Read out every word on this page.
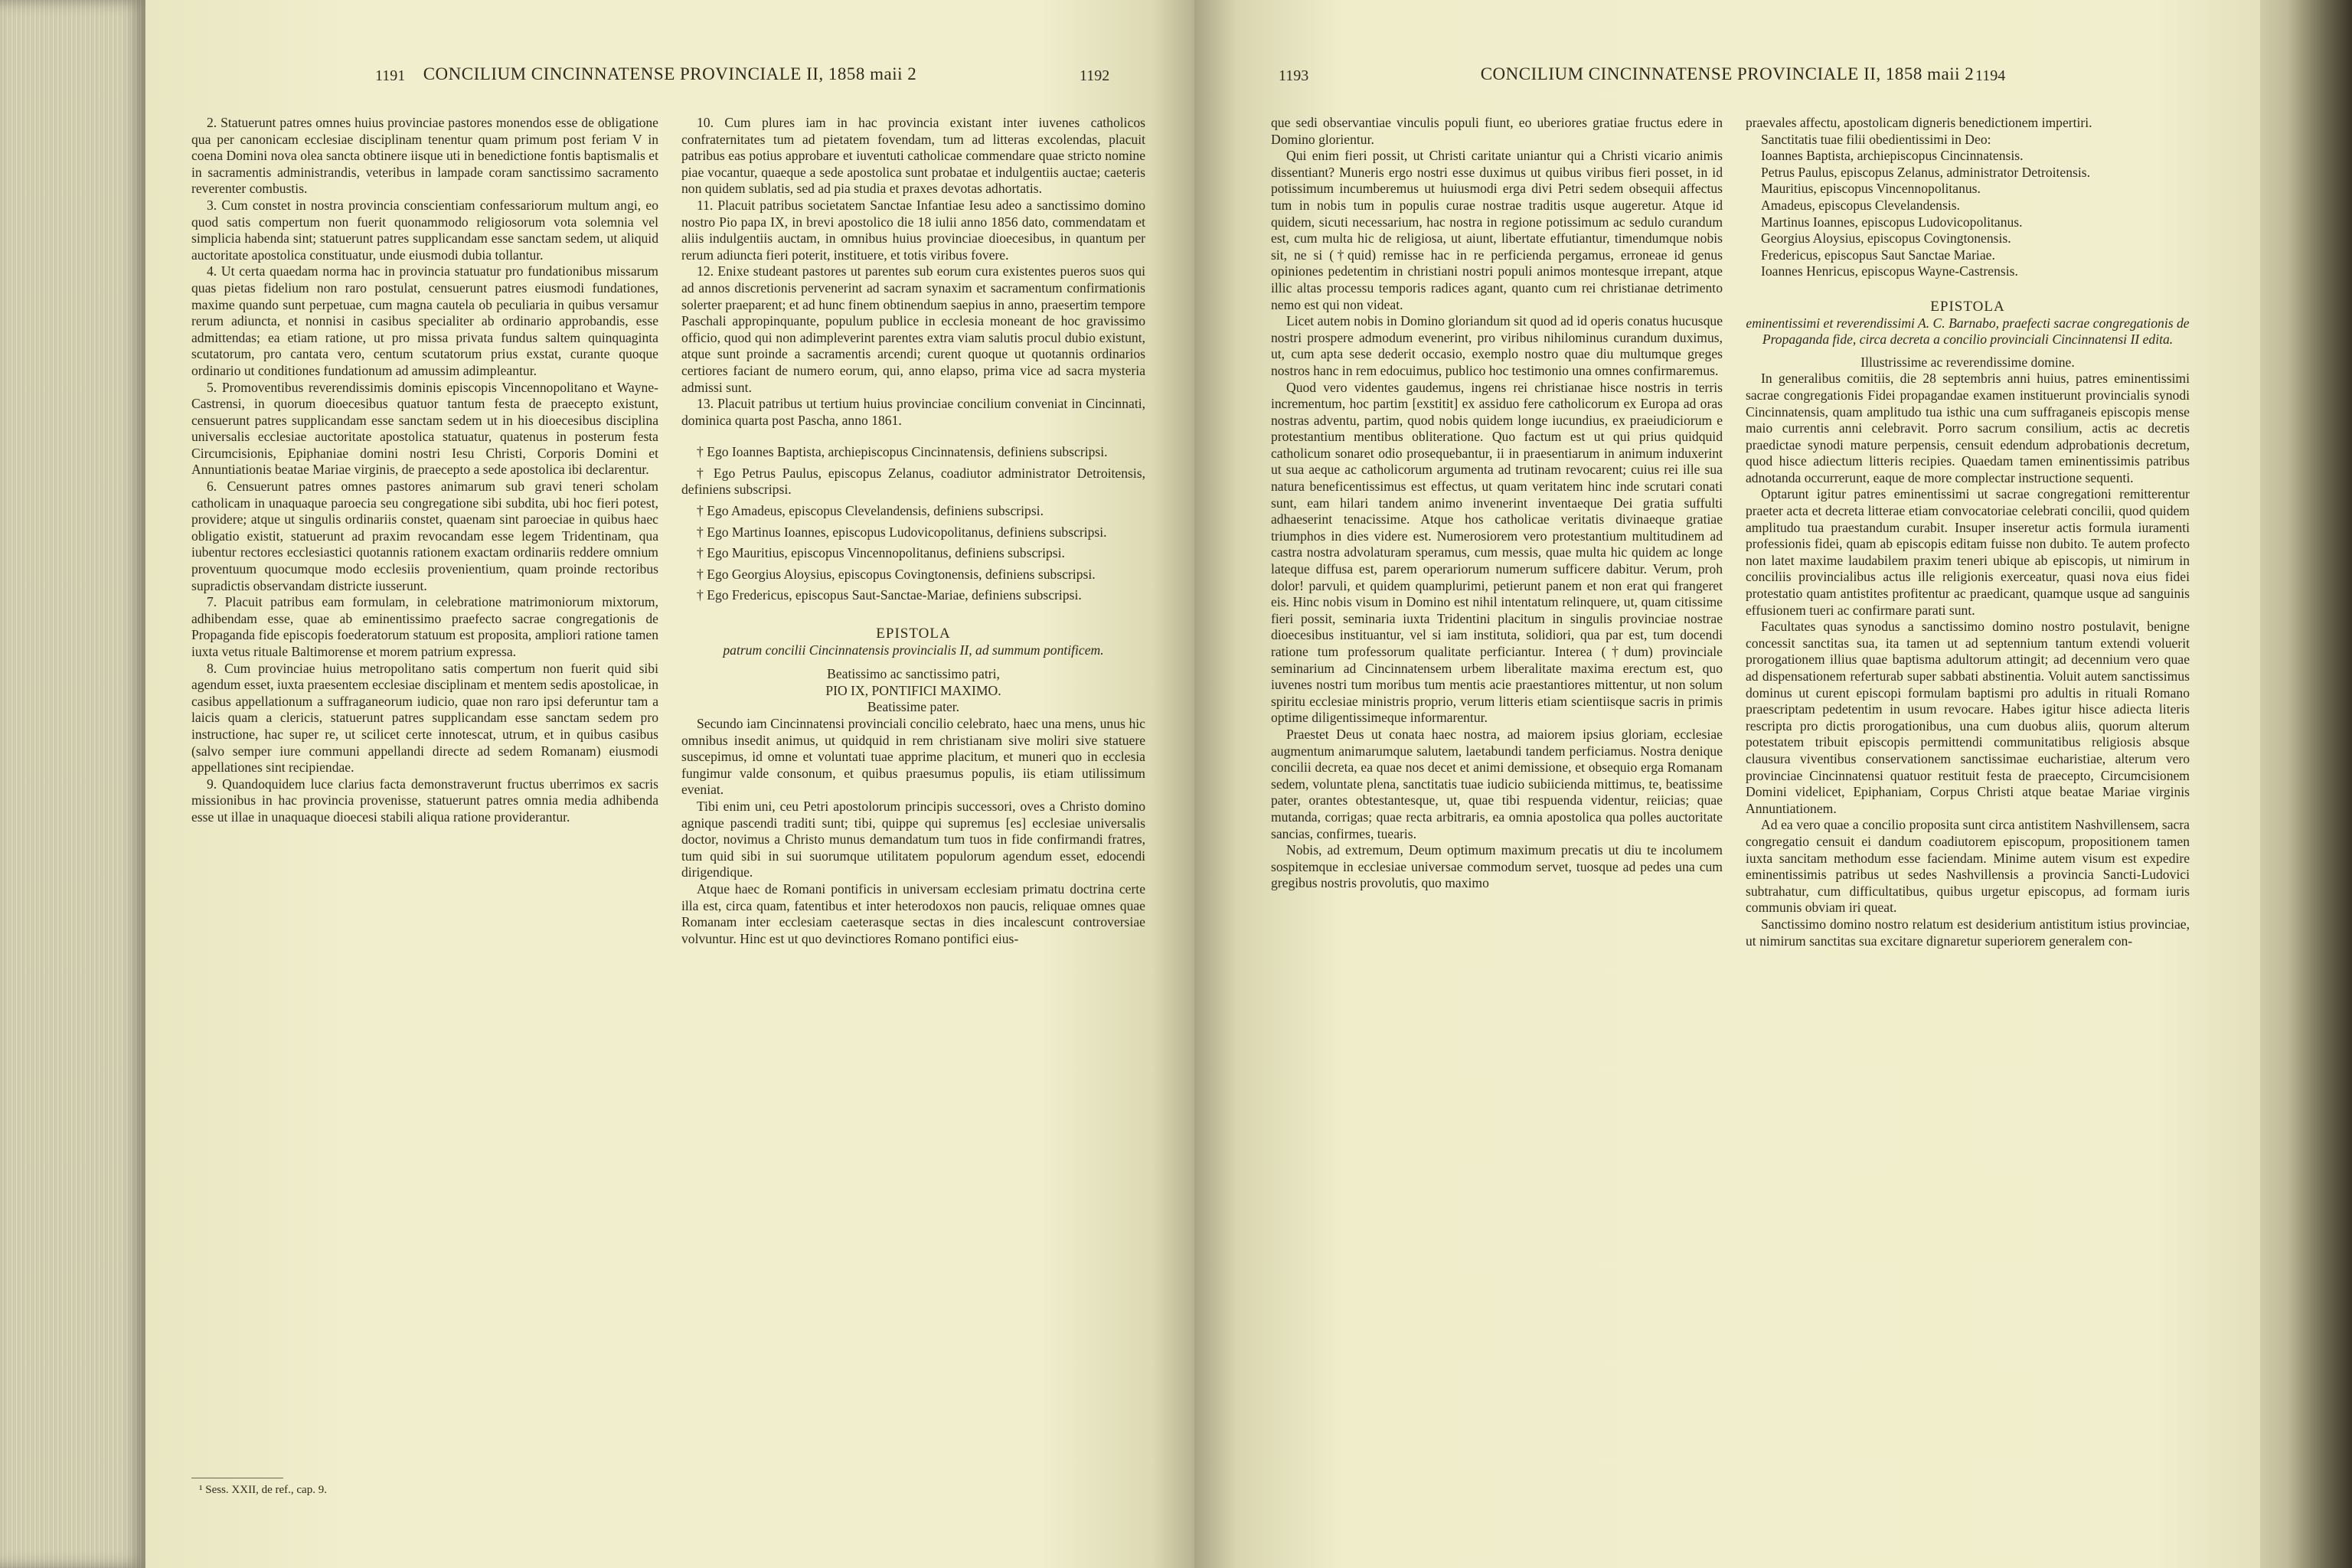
1191	CONCILIUM CINCINNATENSE PROVINCIALE II, 1858 maii 2	1192

2. Statuerunt patres omnes huius provinciae pastores monendos esse de obligatione qua per canonicam ecclesiae disciplinam tenentur quam primum post feriam V in coena Domini nova olea sancta obtinere iisque uti in benedictione fontis baptismalis et in sacramentis administrandis, veteribus in lampade coram sanctissimo sacramento reverenter combustis.

3. Cum constet in nostra provincia conscientiam confessariorum multum angi, eo quod satis compertum non fuerit quonammodo religiosorum vota solemnia vel simplicia habenda sint; statuerunt patres supplicandam esse sanctam sedem, ut aliquid auctoritate apostolica constituatur, unde eiusmodi dubia tollantur.

4. Ut certa quaedam norma hac in provincia statuatur pro fundationibus missarum quas pietas fidelium non raro postulat, censuerunt patres eiusmodi fundationes, maxime quando sunt perpetuae, cum magna cautela ob peculiaria in quibus versamur rerum adiuncta, et nonnisi in casibus specialiter ab ordinario approbandis, esse admittendas; ea etiam ratione, ut pro missa privata fundus saltem quinquaginta scutatorum, pro cantata vero, centum scutatorum prius exstat, curante quoque ordinario ut conditiones fundationum ad amussim adimpleantur.

5. Promoventibus reverendissimis dominis episcopis Vincennopolitano et Wayne-Castrensi, in quorum dioecesibus quatuor tantum festa de praecepto existunt, censuerunt patres supplicandam esse sanctam sedem ut in his dioecesibus disciplina universalis ecclesiae auctoritate apostolica statuatur, quatenus in posterum festa Circumcisionis, Epiphaniae domini nostri Iesu Christi, Corporis Domini et Annuntiationis beatae Mariae virginis, de praecepto a sede apostolica ibi declarentur.

6. Censuerunt patres omnes pastores animarum sub gravi teneri scholam catholicam in unaquaque paroecia seu congregatione sibi subdita, ubi hoc fieri potest, providere; atque ut singulis ordinariis constet, quaenam sint paroeciae in quibus haec obligatio existit, statuerunt ad praxim revocandam esse legem Tridentinam, qua iubentur rectores ecclesiastici quotannis rationem exactam ordinariis reddere omnium proventuum quocumque modo ecclesiis provenientium, quam proinde rectoribus supradictis observandam districte iusserunt.

7. Placuit patribus eam formulam, in celebratione matrimoniorum mixtorum, adhibendam esse, quae ab eminentissimo praefecto sacrae congregationis de Propaganda fide episcopis foederatorum statuum est proposita, ampliori ratione tamen iuxta vetus rituale Baltimorense et morem patrium expressa.

8. Cum provinciae huius metropolitano satis compertum non fuerit quid sibi agendum esset, iuxta praesentem ecclesiae disciplinam et mentem sedis apostolicae, in casibus appellationum a suffraganeorum iudicio, quae non raro ipsi deferuntur tam a laicis quam a clericis, statuerunt patres supplicandam esse sanctam sedem pro instructione, hac super re, ut scilicet certe innotescat, utrum, et in quibus casibus (salvo semper iure communi appellandi directe ad sedem Romanam) eiusmodi appellationes sint recipiendae.

9. Quandoquidem luce clarius facta demonstraverunt fructus uberrimos ex sacris missionibus in hac provincia provenisse, statuerunt patres omnia media adhibenda esse ut illae in unaquaque dioecesi stabili aliqua ratione providerantur.

¹ Sess. XXII, de ref., cap. 9.

10. Cum plures iam in hac provincia existant inter iuvenes catholicos confraternitates tum ad pietatem fovendam, tum ad litteras excolendas, placuit patribus eas potius approbare et iuventuti catholicae commendare quae stricto nomine piae vocantur, quaeque a sede apostolica sunt probatae et indulgentiis auctae; caeteris non quidem sublatis, sed ad pia studia et praxes devotas adhortatis.

11. Placuit patribus societatem Sanctae Infantiae Iesu adeo a sanctissimo domino nostro Pio papa IX, in brevi apostolico die 18 iulii anno 1856 dato, commendatam et aliis indulgentiis auctam, in omnibus huius provinciae dioecesibus, in quantum per rerum adiuncta fieri poterit, instituere, et totis viribus fovere.

12. Enixe studeant pastores ut parentes sub eorum cura existentes pueros suos qui ad annos discretionis pervenerint ad sacram synaxim et sacramentum confirmationis solerter praeparent; et ad hunc finem obtinendum saepius in anno, praesertim tempore Paschali appropinquante, populum publice in ecclesia moneant de hoc gravissimo officio, quod qui non adimpleverint parentes extra viam salutis procul dubio existunt, atque sunt proinde a sacramentis arcendi; curent quoque ut quotannis ordinarios certiores faciant de numero eorum, qui, anno elapso, prima vice ad sacra mysteria admissi sunt.

13. Placuit patribus ut tertium huius provinciae concilium conveniat in Cincinnati, dominica quarta post Pascha, anno 1861.

† Ego Ioannes Baptista, archiepiscopus Cincinnatensis, definiens subscripsi.

† Ego Petrus Paulus, episcopus Zelanus, coadiutor administrator Detroitensis, definiens subscripsi.

† Ego Amadeus, episcopus Clevelandensis, definiens subscripsi.

† Ego Martinus Ioannes, episcopus Ludovicopolitanus, definiens subscripsi.

† Ego Mauritius, episcopus Vincennopolitanus, definiens subscripsi.

† Ego Georgius Aloysius, episcopus Covingtonensis, definiens subscripsi.

† Ego Fredericus, episcopus Saut-Sanctae-Mariae, definiens subscripsi.

EPISTOLA

patrum concilii Cincinnatensis provincialis II, ad summum pontificem.

Beatissimo ac sanctissimo patri,

PIO IX, PONTIFICI MAXIMO.

Beatissime pater.

Secundo iam Cincinnatensi provinciali concilio celebrato, haec una mens, unus hic omnibus insedit animus, ut quidquid in rem christianam sive moliri sive statuere suscepimus, id omne et voluntati tuae apprime placitum, et muneri quo in ecclesia fungimur valde consonum, et quibus praesumus populis, iis etiam utilissimum eveniat.

Tibi enim uni, ceu Petri apostolorum principis successori, oves a Christo domino agnique pascendi traditi sunt; tibi, quippe qui supremus [es] ecclesiae universalis doctor, novimus a Christo munus demandatum tum tuos in fide confirmandi fratres, tum quid sibi in sui suorumque utilitatem populorum agendum esset, edocendi dirigendique.

Atque haec de Romani pontificis in universam ecclesiam primatu doctrina certe illa est, circa quam, fatentibus et inter heterodoxos non paucis, reliquae omnes quae Romanam inter ecclesiam caeterasque sectas in dies incalescunt controversiae volvuntur. Hinc est ut quo devinctiores Romano pontifici eius-

1193	CONCILIUM CINCINNATENSE PROVINCIALE II, 1858 maii 2 1194

que sedi observantiae vinculis populi fiunt, eo uberiores gratiae fructus edere in Domino glorientur.

Qui enim fieri possit, ut Christi caritate uniantur qui a Christi vicario animis dissentiant? Muneris ergo nostri esse duximus ut quibus viribus fieri posset, in id potissimum incumberemus ut huiusmodi erga divi Petri sedem obsequii affectus tum in nobis tum in populis curae nostrae traditis usque augeretur. Atque id quidem, sicuti necessarium, hac nostra in regione potissimum ac sedulo curandum est, cum multa hic de religiosa, ut aiunt, libertate effutiantur, timendumque nobis sit, ne si (†quid) remisse hac in re perficienda pergamus, erroneae id genus opiniones pedetentim in christiani nostri populi animos montesque irrepant, atque illic altas processu temporis radices agant, quanto cum rei christianae detrimento nemo est qui non videat.

Licet autem nobis in Domino gloriandum sit quod ad id operis conatus hucusque nostri prospere admodum evenerint, pro viribus nihilominus curandum duximus, ut, cum apta sese dederit occasio, exemplo nostro quae diu multumque greges nostros hanc in rem edocuimus, publico hoc testimonio una omnes confirmaremus.

Quod vero videntes gaudemus, ingens rei christianae hisce nostris in terris incrementum, hoc partim [exstitit] ex assiduo fere catholicorum ex Europa ad oras nostras adventu, partim, quod nobis quidem longe iucundius, ex praeiudiciorum e protestantium mentibus obliteratione. Quo factum est ut qui prius quidquid catholicum sonaret odio prosequebantur, ii in praesentiarum in animum induxerint ut sua aeque ac catholicorum argumenta ad trutinam revocarent; cuius rei ille sua natura beneficentissimus est effectus, ut quam veritatem hinc inde scrutari conati sunt, eam hilari tandem animo invenerint inventaeque Dei gratia suffulti adhaeserint tenacissime. Atque hos catholicae veritatis divinaeque gratiae triumphos in dies videre est. Numerosiorem vero protestantium multitudinem ad castra nostra advolaturam speramus, cum messis, quae multa hic quidem ac longe lateque diffusa est, parem operariorum numerum sufficere dabitur. Verum, proh dolor! parvuli, et quidem quamplurimi, petierunt panem et non erat qui frangeret eis. Hinc nobis visum in Domino est nihil intentatum relinquere, ut, quam citissime fieri possit, seminaria iuxta Tridentini placitum in singulis provinciae nostrae dioecesibus instituantur, vel si iam instituta, solidiori, qua par est, tum docendi ratione tum professorum qualitate perficiantur. Interea (†dum) provinciale seminarium ad Cincinnatensem urbem liberalitate maxima erectum est, quo iuvenes nostri tum moribus tum mentis acie praestantiores mittentur, ut non solum spiritu ecclesiae ministris proprio, verum litteris etiam scientiisque sacris in primis optime diligentissimeque informarentur.

Praestet Deus ut conata haec nostra, ad maiorem ipsius gloriam, ecclesiae augmentum animarumque salutem, laetabundi tandem perficiamus. Nostra denique concilii decreta, ea quae nos decet et animi demissione, et obsequio erga Romanam sedem, voluntate plena, sanctitatis tuae iudicio subiicienda mittimus, te, beatissime pater, orantes obtestantesque, ut, quae tibi respuenda videntur, reiicias; quae mutanda, corrigas; quae recta arbitraris, ea omnia apostolica qua polles auctoritate sancias, confirmes, tuearis.

Nobis, ad extremum, Deum optimum maximum precatis ut diu te incolumem sospitemque in ecclesiae universae commodum servet, tuosque ad pedes una cum gregibus nostris provolutis, quo maximo

praevales affectu, apostolicam digneris benedictionem impertiri.

Sanctitatis tuae filii obedientissimi in Deo:

Ioannes Baptista, archiepiscopus Cincinnatensis.

Petrus Paulus, episcopus Zelanus, administrator Detroitensis.

Mauritius, episcopus Vincennopolitanus.

Amadeus, episcopus Clevelandensis.

Martinus Ioannes, episcopus Ludovicopolitanus.

Georgius Aloysius, episcopus Covingtonensis.

Fredericus, episcopus Saut Sanctae Mariae.

Ioannes Henricus, episcopus Wayne-Castrensis.

EPISTOLA

eminentissimi et reverendissimi A. C. Barnabo, praefecti sacrae congregationis de Propaganda fide, circa decreta a concilio provinciali Cincinnatensi II edita.

Illustrissime ac reverendissime domine.

In generalibus comitiis, die 28 septembris anni huius, patres eminentissimi sacrae congregationis Fidei propagandae examen instituerunt provincialis synodi Cincinnatensis, quam amplitudo tua isthic una cum suffraganeis episcopis mense maio currentis anni celebravit. Porro sacrum consilium, actis ac decretis praedictae synodi mature perpensis, censuit edendum adprobationis decretum, quod hisce adiectum litteris recipies. Quaedam tamen eminentissimis patribus adnotanda occurrerunt, eaque de more complectar instructione sequenti.

Optarunt igitur patres eminentissimi ut sacrae congregationi remitterentur praeter acta et decreta litterae etiam convocatoriae celebrati concilii, quod quidem amplitudo tua praestandum curabit. Insuper inseretur actis formula iuramenti professionis fidei, quam ab episcopis editam fuisse non dubito. Te autem profecto non latet maxime laudabilem praxim teneri ubique ab episcopis, ut nimirum in conciliis provincialibus actus ille religionis exerceatur, quasi nova eius fidei protestatio quam antistites profitentur ac praedicant, quamque usque ad sanguinis effusionem tueri ac confirmare parati sunt.

Facultates quas synodus a sanctissimo domino nostro postulavit, benigne concessit sanctitas sua, ita tamen ut ad septennium tantum extendi voluerit prorogationem illius quae baptisma adultorum attingit; ad decennium vero quae ad dispensationem referturab super sabbati abstinentia. Voluit autem sanctissimus dominus ut curent episcopi formulam baptismi pro adultis in rituali Romano praescriptam pedetentim in usum revocare. Habes igitur hisce adiecta literis rescripta pro dictis prorogationibus, una cum duobus aliis, quorum alterum potestatem tribuit episcopis permittendi communitatibus religiosis absque clausura viventibus conservationem sanctissimae eucharistiae, alterum vero provinciae Cincinnatensi quatuor restituit festa de praecepto, Circumcisionem Domini videlicet, Epiphaniam, Corpus Christi atque beatae Mariae virginis Annuntiationem.

Ad ea vero quae a concilio proposita sunt circa antistitem Nashvillensem, sacra congregatio censuit ei dandum coadiutorem episcopum, propositionem tamen iuxta sancitam methodum esse faciendam. Minime autem visum est expedire eminentissimis patribus ut sedes Nashvillensis a provincia Sancti-Ludovici subtrahatur, cum difficultatibus, quibus urgetur episcopus, ad formam iuris communis obviam iri queat.

Sanctissimo domino nostro relatum est desiderium antistitum istius provinciae, ut nimirum sanctitas sua excitare dignaretur superiorem generalem con-
